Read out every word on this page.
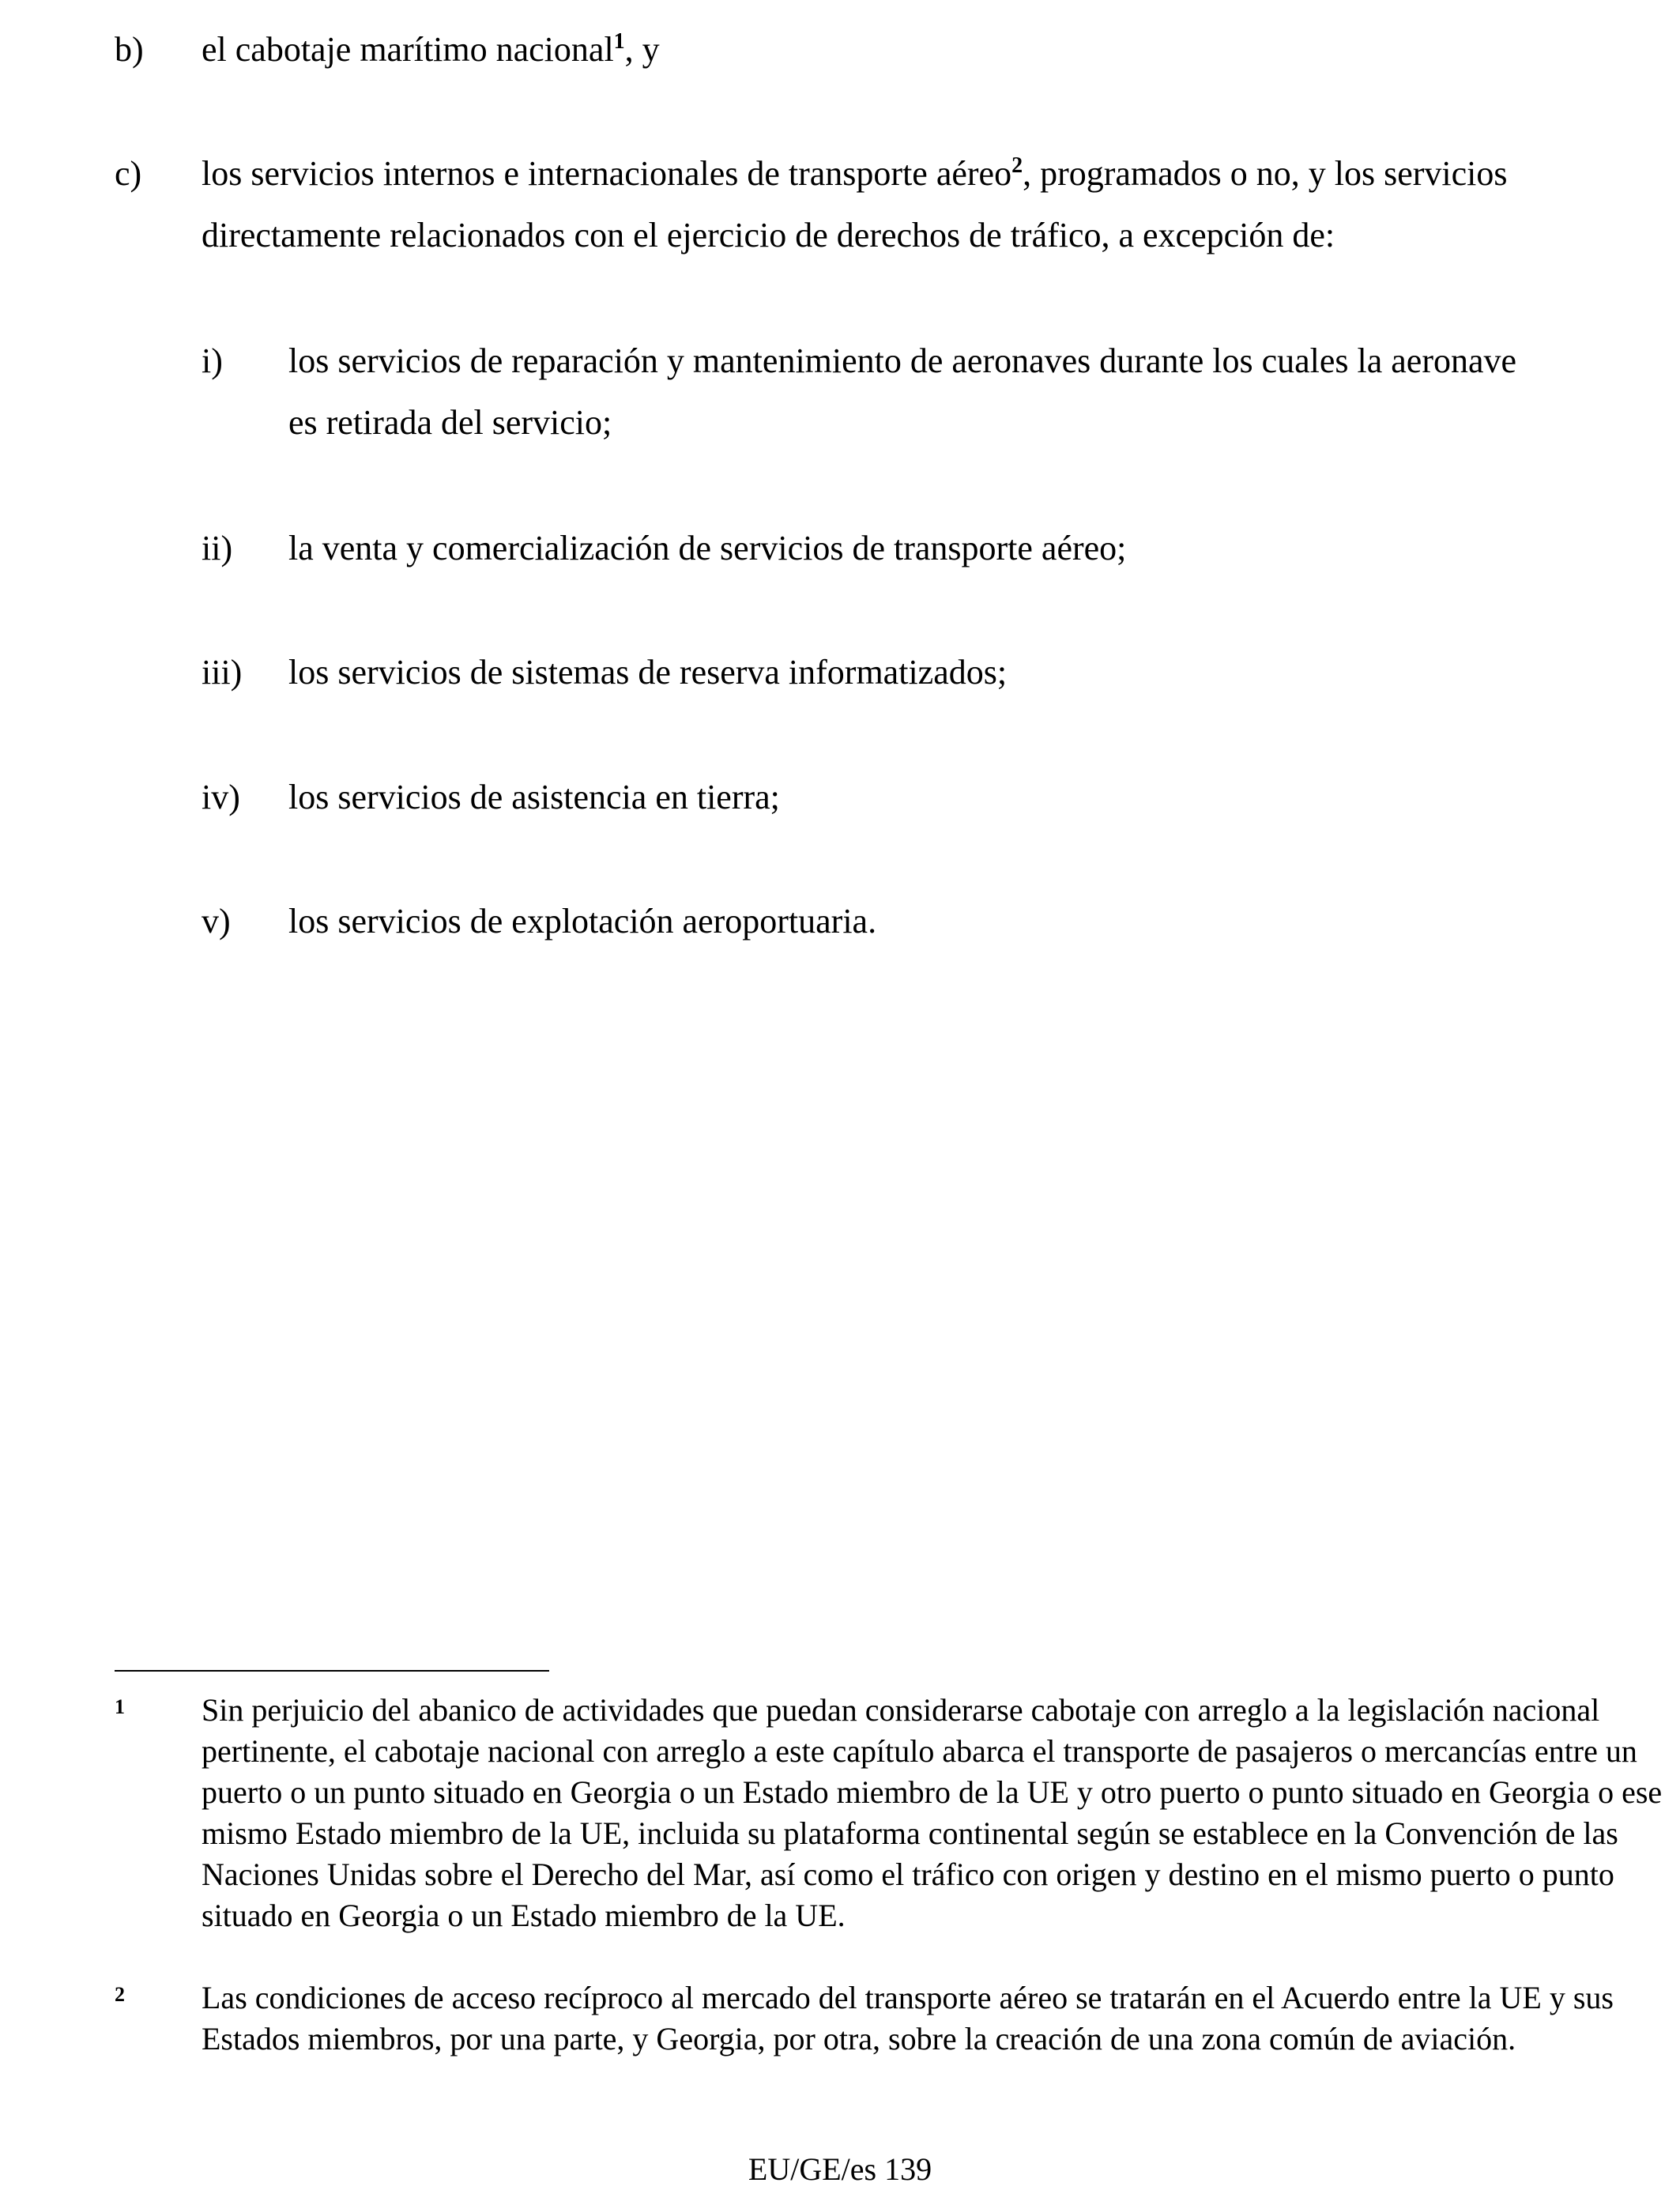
b) el cabotaje marítimo nacional$^1$, y
c) los servicios internos e internacionales de transporte aéreo$^2$, programados o no, y los servicios
directamente relacionados con el ejercicio de derechos de tráfico, a excepción de:
i) los servicios de reparación y mantenimiento de aeronaves durante los cuales la aeronave
es retirada del servicio;
ii) la venta y comercialización de servicios de transporte aéreo;
iii) los servicios de sistemas de reserva informatizados;
iv) los servicios de asistencia en tierra;
v) los servicios de explotación aeroportuaria.
1 Sin perjuicio del abanico de actividades que puedan considerarse cabotaje con arreglo a la legislación nacional pertinente, el cabotaje nacional con arreglo a este capítulo abarca el transporte de pasajeros o mercancías entre un puerto o un punto situado en Georgia o un Estado miembro de la UE y otro puerto o punto situado en Georgia o ese mismo Estado miembro de la UE, incluida su plataforma continental según se establece en la Convención de las Naciones Unidas sobre el Derecho del Mar, así como el tráfico con origen y destino en el mismo puerto o punto situado en Georgia o un Estado miembro de la UE.
2 Las condiciones de acceso recíproco al mercado del transporte aéreo se tratarán en el Acuerdo entre la UE y sus Estados miembros, por una parte, y Georgia, por otra, sobre la creación de una zona común de aviación.
EU/GE/es 139
